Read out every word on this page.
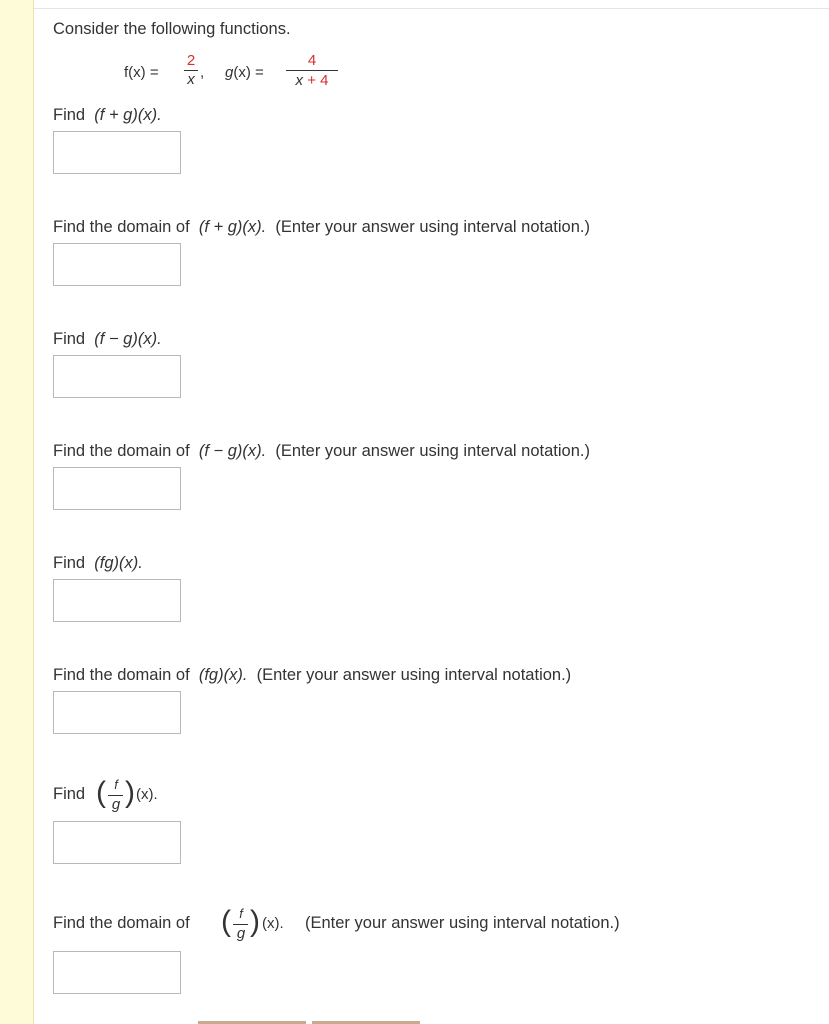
Consider the following functions.
f(x) =
2
x , g(x) =
4
x + 4
Find (f + g)(x).
Find the domain of (f + g)(x). (Enter your answer using interval notation.)
Find (f − g)(x).
Find the domain of (f − g)(x). (Enter your answer using interval notation.)
Find (fg)(x).
Find the domain of (fg)(x). (Enter your answer using interval notation.)
Find ( f
g ) (x).
Find the domain of ( f
g ) (x). (Enter your answer using interval notation.)
